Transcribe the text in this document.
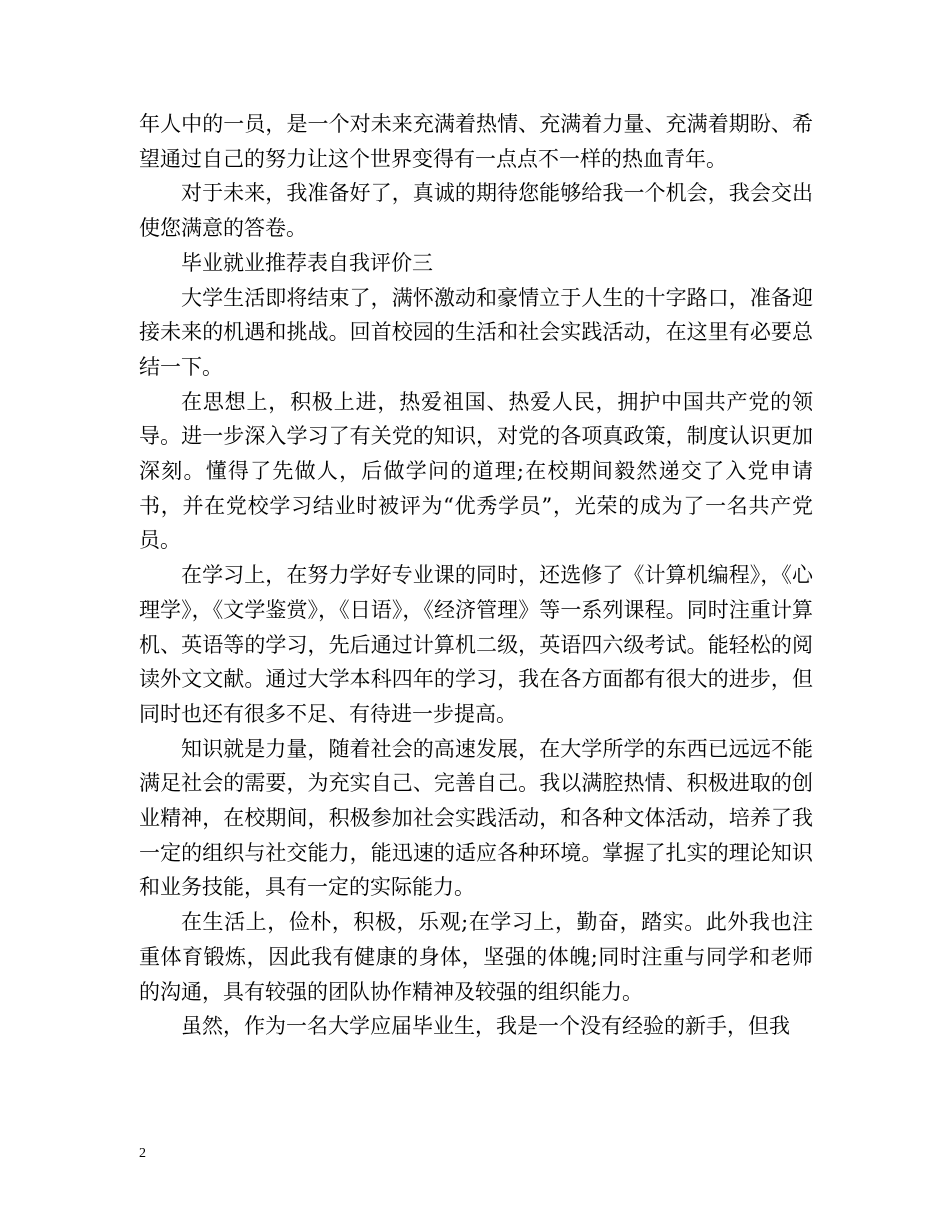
年人中的一员，是一个对未来充满着热情、充满着力量、充满着期盼、希望通过自己的努力让这个世界变得有一点点不一样的热血青年。

对于未来，我准备好了，真诚的期待您能够给我一个机会，我会交出使您满意的答卷。

毕业就业推荐表自我评价三

大学生活即将结束了，满怀激动和豪情立于人生的十字路口，准备迎接未来的机遇和挑战。回首校园的生活和社会实践活动，在这里有必要总结一下。

在思想上，积极上进，热爱祖国、热爱人民，拥护中国共产党的领导。进一步深入学习了有关党的知识，对党的各项真政策，制度认识更加深刻。懂得了先做人，后做学问的道理;在校期间毅然递交了入党申请书，并在党校学习结业时被评为“优秀学员”，光荣的成为了一名共产党员。

在学习上，在努力学好专业课的同时，还选修了《计算机编程》，《心理学》，《文学鉴赏》，《日语》，《经济管理》等一系列课程。同时注重计算机、英语等的学习，先后通过计算机二级，英语四六级考试。能轻松的阅读外文文献。通过大学本科四年的学习，我在各方面都有很大的进步，但同时也还有很多不足、有待进一步提高。

知识就是力量，随着社会的高速发展，在大学所学的东西已远远不能满足社会的需要，为充实自己、完善自己。我以满腔热情、积极进取的创业精神，在校期间，积极参加社会实践活动，和各种文体活动，培养了我一定的组织与社交能力，能迅速的适应各种环境。掌握了扎实的理论知识和业务技能，具有一定的实际能力。

在生活上，俭朴，积极，乐观;在学习上，勤奋，踏实。此外我也注重体育锻炼，因此我有健康的身体，坚强的体魄;同时注重与同学和老师的沟通，具有较强的团队协作精神及较强的组织能力。

虽然，作为一名大学应届毕业生，我是一个没有经验的新手，但我

2
